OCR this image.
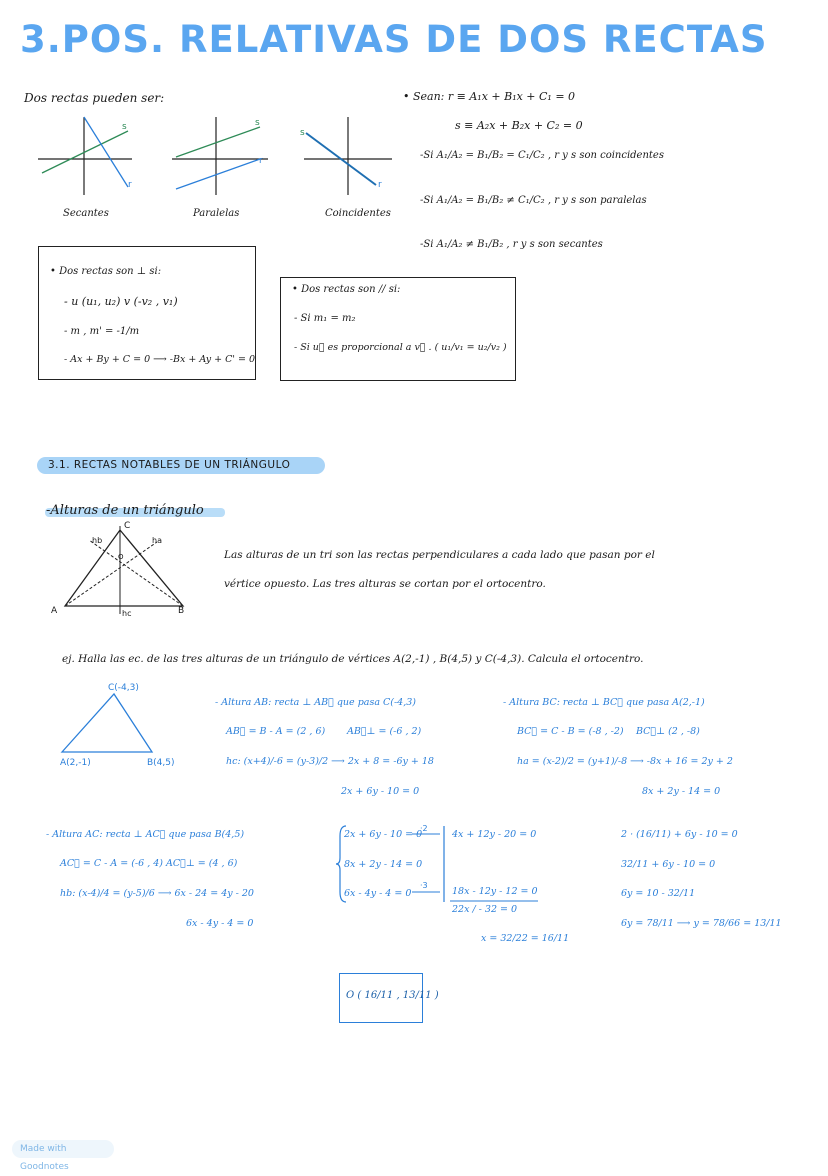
3.POS. RELATIVAS DE DOS RECTAS
Dos rectas pueden ser:
s
r
Secantes
s
r
Paralelas
s
r
Coincidentes
• Sean: r ≡ A₁x + B₁x + C₁ = 0
s ≡ A₂x + B₂x + C₂ = 0
-Si A₁/A₂ = B₁/B₂ = C₁/C₂ , r y s son coincidentes
-Si A₁/A₂ = B₁/B₂ ≠ C₁/C₂ , r y s son paralelas
-Si A₁/A₂ ≠ B₁/B₂ , r y s son secantes
• Dos rectas son ⊥ si:
- u (u₁, u₂) v (-v₂ , v₁)
- m , m' = -1/m
- Ax + By + C = 0 ⟶ -Bx + Ay + C' = 0
• Dos rectas son // si:
- Si m₁ = m₂
- Si u⃗ es proporcional a v⃗ . ( u₁/v₁ = u₂/v₂ )
3.1. RECTAS NOTABLES DE UN TRIÁNGULO
-Alturas de un triángulo
A	B
C
hb	ha
hc
O	Las alturas de un tri son las rectas perpendiculares a cada lado que pasan por el
vértice opuesto. Las tres alturas se cortan por el ortocentro.
ej. Halla las ec. de las tres alturas de un triángulo de vértices A(2,-1) , B(4,5) y C(-4,3). Calcula el ortocentro.
C(-4,3)
A(2,-1)	B(4,5)
- Altura AB: recta ⊥ AB⃗ que pasa C(-4,3)
AB⃗ = B - A = (2 , 6) AB⃗⊥ = (-6 , 2)
hc: (x+4)/-6 = (y-3)/2 ⟶ 2x + 8 = -6y + 18
2x + 6y - 10 = 0
- Altura BC: recta ⊥ BC⃗ que pasa A(2,-1)
BC⃗ = C - B = (-8 , -2) BC⃗⊥ (2 , -8)
ha = (x-2)/2 = (y+1)/-8 ⟶ -8x + 16 = 2y + 2
8x + 2y - 14 = 0
- Altura AC: recta ⊥ AC⃗ que pasa B(4,5)
AC⃗ = C - A = (-6 , 4) AC⃗⊥ = (4 , 6)
hb: (x-4)/4 = (y-5)/6 ⟶ 6x - 24 = 4y - 20
6x - 4y - 4 = 0
2x + 6y - 10 = 0
8x + 2y - 14 = 0
6x - 4y - 4 = 0
·2
·3
4x + 12y - 20 = 0
18x - 12y - 12 = 0
22x / - 32 = 0
x = 32/22 = 16/11
2 · (16/11) + 6y - 10 = 0
32/11 + 6y - 10 = 0
6y = 10 - 32/11
6y = 78/11 ⟶ y = 78/66 = 13/11
O ( 16/11 , 13/11 )
Made with Goodnotes
